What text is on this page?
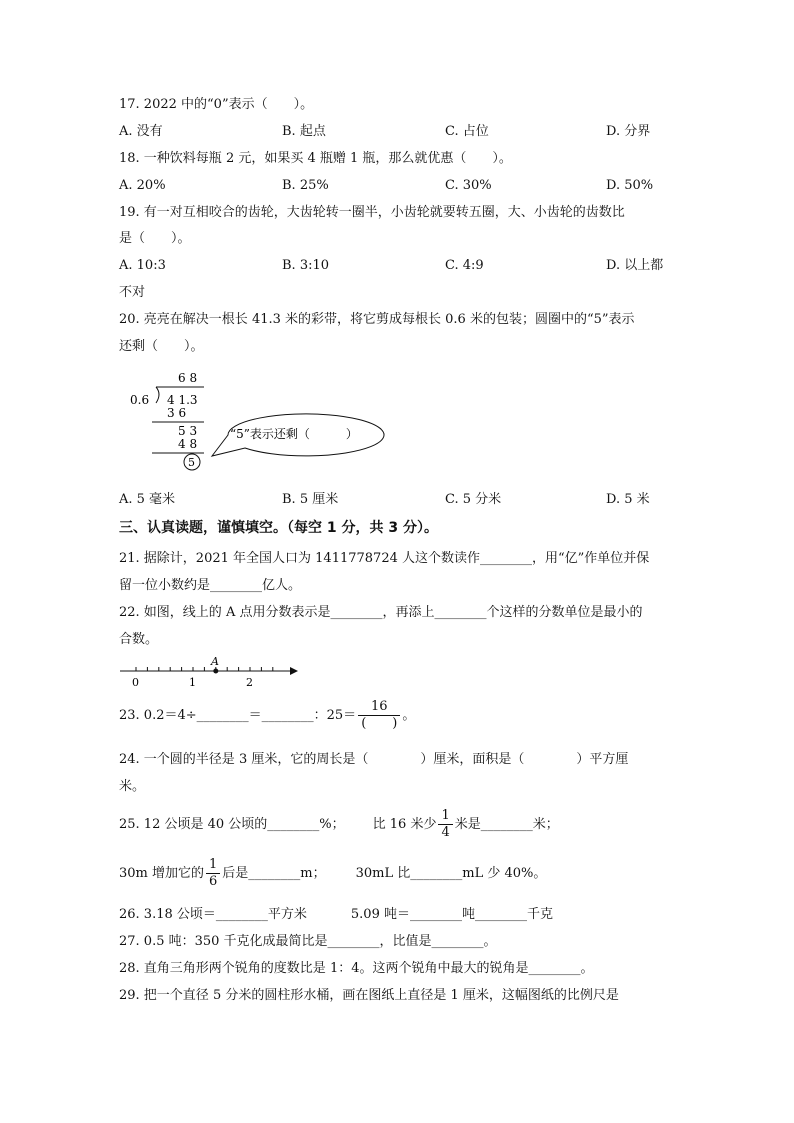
17. 2022 中的“0”表示（　　）。
A. 没有	B. 起点	C. 占位	D. 分界
18. 一种饮料每瓶 2 元，如果买 4 瓶赠 1 瓶，那么就优惠（　　）。
A. 20%	B. 25%	C. 30%	D. 50%
19. 有一对互相咬合的齿轮，大齿轮转一圈半，小齿轮就要转五圈，大、小齿轮的齿数比
是（　　）。
A. 10:3	B. 3:10	C. 4:9	D. 以上都
不对
20. 亮亮在解决一根长 41.3 米的彩带，将它剪成每根长 0.6 米的包装；圆圈中的“5”表示
还剩（　　）。
6 8
0.6 4 1.3
3 6
5 3
4 8
5
“5”表示还剩（　　　）
A. 5 毫米	B. 5 厘米	C. 5 分米	D. 5 米
三、认真读题，谨慎填空。（每空 1 分，共 3 分）。
21. 据除计，2021 年全国人口为 1411778724 人这个数读作________，用“亿”作单位并保
留一位小数约是________亿人。
22. 如图，线上的 A 点用分数表示是________，再添上________个这样的分数单位是最小的
合数。
A
0	1	2
23. 0.2＝4÷________＝________：$25= \frac{16}{( )}$ 。
24. 一个圆的半径是 3 厘米，它的周长是（　　　　）厘米，面积是（　　　　）平方厘
米。
25. 12 公顷是 40 公顷的________%； 比 16 米少 $\frac{1}{4}$ 米是________米；
30m 增加它的 $\frac{1}{6}$ 后是________m； 30mL 比________mL 少 40%。
26. 3.18 公顷＝________平方米	5.09 吨＝________吨________千克
27. 0.5 吨：350 千克化成最简比是________，比值是________。
28. 直角三角形两个锐角的度数比是 1：4。这两个锐角中最大的锐角是________。
29. 把一个直径 5 分米的圆柱形水桶，画在图纸上直径是 1 厘米，这幅图纸的比例尺是
